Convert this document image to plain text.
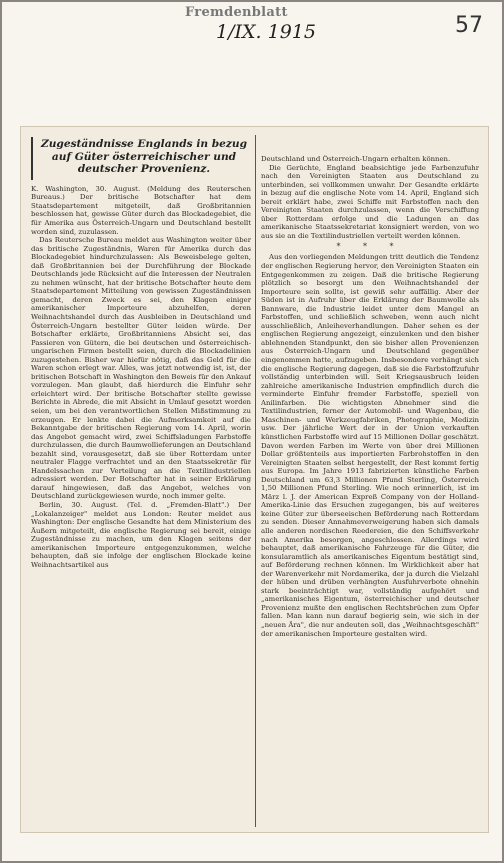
Fremdenblatt
1/IX. 1915	57
Zugeständnisse Englands in bezug auf Güter österreichischer und deutscher Provenienz.

K. Washington, 30. August. (Meldung des Reuterschen Bureaus.) Der britische Botschafter hat dem Staatsdepartement mitgeteilt, daß Großbritannien beschlossen hat, gewisse Güter durch das Blockadegebiet, die für Amerika aus Österreich-Ungarn und Deutschland bestellt worden sind, zuzulassen.

Das Reutersche Bureau meldet aus Washington weiter über das britische Zugeständnis, Waren für Amerika durch das Blockadegebiet hindurchzulassen: Als Beweisbelege gelten, daß Großbritannien bei der Durchführung der Blockade Deutschlands jede Rücksicht auf die Interessen der Neutralen zu nehmen wünscht, hat der britische Botschafter heute dem Staatsdepartement Mitteilung von gewissen Zugeständnissen gemacht, deren Zweck es sei, den Klagen einiger amerikanischer Importeure abzuhelfen, deren Weihnachtshandel durch das Ausbleiben in Deutschland und Österreich-Ungarn bestellter Güter leiden würde. Der Botschafter erklärte, Großbritanniens Absicht sei, das Passieren von Gütern, die bei deutschen und österreichisch-ungarischen Firmen bestellt seien, durch die Blockadelinien zuzugestehen. Bisher war hiefür nötig, daß das Geld für die Waren schon erlegt war. Alles, was jetzt notwendig ist, ist, der britischen Botschaft in Washington den Beweis für den Ankauf vorzulegen. Man glaubt, daß hierdurch die Einfuhr sehr erleichtert wird. Der britische Botschafter stellte gewisse Berichte in Abrede, die mit Absicht in Umlauf gesetzt worden seien, um bei den verantwortlichen Stellen Mißstimmung zu erzeugen. Er lenkte dabei die Aufmerksamkeit auf die Bekanntgabe der britischen Regierung vom 14. April, worin das Angebot gemacht wird, zwei Schiffsladungen Farbstoffe durchzulassen, die durch Baumwollieferungen an Deutschland bezahlt sind, vorausgesetzt, daß sie über Rotterdam unter neutraler Flagge verfrachtet und an den Staatssekretär für Handelssachen zur Verteilung an die Textilindustriellen adressiert werden. Der Botschafter hat in seiner Erklärung darauf hingewiesen, daß das Angebot, welches von Deutschland zurückgewiesen wurde, noch immer gelte.

Berlin, 30. August. (Tel. d. „Fremden-Blatt".) Der „Lokalanzeiger" meldet aus London: Reuter meldet aus Washington: Der englische Gesandte hat dem Ministerium des Äußern mitgeteilt, die englische Regierung sei bereit, einige Zugeständnisse zu machen, um den Klagen seitens der amerikanischen Importeure entgegenzukommen, welche behaupten, daß sie infolge der englischen Blockade keine Weihnachtsartikel aus

Deutschland und Österreich-Ungarn erhalten können.

Die Gerüchte, England beabsichtige jede Farbenzufuhr nach den Vereinigten Staaten aus Deutschland zu unterbinden, sei vollkommen unwahr. Der Gesandte erklärte in bezug auf die englische Note vom 14. April, England sich bereit erklärt habe, zwei Schiffe mit Farbstoffen nach den Vereinigten Staaten durchzulassen, wenn die Verschiffung über Rotterdam erfolge und die Ladungen an das amerikanische Staatssekretariat konsigniert werden, von wo aus sie an die Textilindustriellen verteilt werden können.

* * *

Aus den vorliegenden Meldungen tritt deutlich die Tendenz der englischen Regierung hervor, den Vereinigten Staaten ein Entgegenkommen zu zeigen. Daß die britische Regierung plötzlich so besorgt um den Weihnachtshandel der Importeure sein sollte, ist gewiß sehr auffällig. Aber der Süden ist in Aufruhr über die Erklärung der Baumwolle als Bannware, die Industrie leidet unter dem Mangel an Farbstoffen, und schließlich schweben, wenn auch nicht ausschließlich, Anleiheverhandlungen. Daher sehen es der englischen Regierung angezeigt, einzulenken und den bisher ablehnenden Standpunkt, den sie bisher allen Provenienzen aus Österreich-Ungarn und Deutschland gegenüber eingenommen hatte, aufzugeben. Insbesondere verhängt sich die englische Regierung dagegen, daß sie die Farbstoffzufuhr vollständig unterbinden will. Seit Kriegsausbruch leiden zahlreiche amerikanische Industrien empfindlich durch die verminderte Einfuhr fremder Farbstoffe, speziell von Anilinfarben. Die wichtigsten Abnehmer sind die Textilindustrien, ferner der Automobil- und Wagenbau, die Maschinen- und Werkzeugfabriken, Photographie, Medizin usw. Der jährliche Wert der in der Union verkauften künstlichen Farbstoffe wird auf 15 Millionen Dollar geschätzt. Davon werden Farben im Werte von über drei Millionen Dollar größtenteils aus importierten Farbrohstoffen in den Vereinigten Staaten selbst hergestellt, der Rest kommt fertig aus Europa. Im Jahre 1913 fabrizierten künstliche Farben Deutschland um 63,3 Millionen Pfund Sterling, Österreich 1,50 Millionen Pfund Sterling. Wie noch erinnerlich, ist im März l. J. der American Expreß Company von der Holland-Amerika-Linie das Ersuchen zugegangen, bis auf weiteres keine Güter zur überseeischen Beförderung nach Rotterdam zu senden. Dieser Annahmeverweigerung haben sich damals alle anderen nordischen Reedereien, die den Schiffsverkehr nach Amerika besorgen, angeschlossen. Allerdings wird behauptet, daß amerikanische Fahrzeuge für die Güter, die konsularamtlich als amerikanisches Eigentum bestätigt sind, auf Beförderung rechnen können. Im Wirklichkeit aber hat der Warenverkehr mit Nordamerika, der ja durch die Vielzahl der hüben und drüben verhängten Ausfuhrverbote ohnehin stark beeinträchtigt war, vollständig aufgehört und „amerikanisches Eigentum, österreichischer und deutscher Provenienz mußte den englischen Rechtsbrüchen zum Opfer fallen. Man kann nun darauf begierig sein, wie sich in der „neuen Ära", die nur andeuten soll, das „Weihnachtsgeschäft" der amerikanischen Importeure gestalten wird.
